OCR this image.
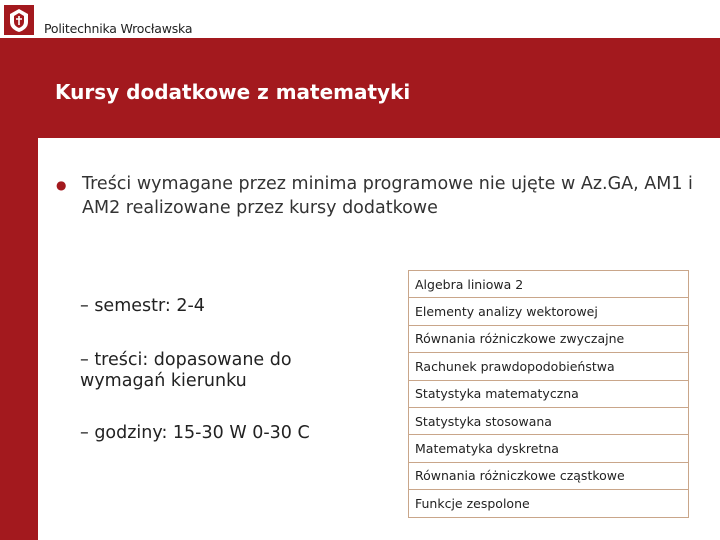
Politechnika Wrocławska
Kursy dodatkowe z matematyki
● Treści wymagane przez minima programowe nie ujęte w Az.GA, AM1 i AM2 realizowane przez kursy dodatkowe

– semestr: 2-4

– treści: dopasowane do wymagań kierunku

– godziny: 15-30 W 0-30 C

Algebra liniowa 2
Elementy analizy wektorowej
Równania różniczkowe zwyczajne
Rachunek prawdopodobieństwa
Statystyka matematyczna
Statystyka stosowana
Matematyka dyskretna
Równania różniczkowe cząstkowe
Funkcje zespolone
